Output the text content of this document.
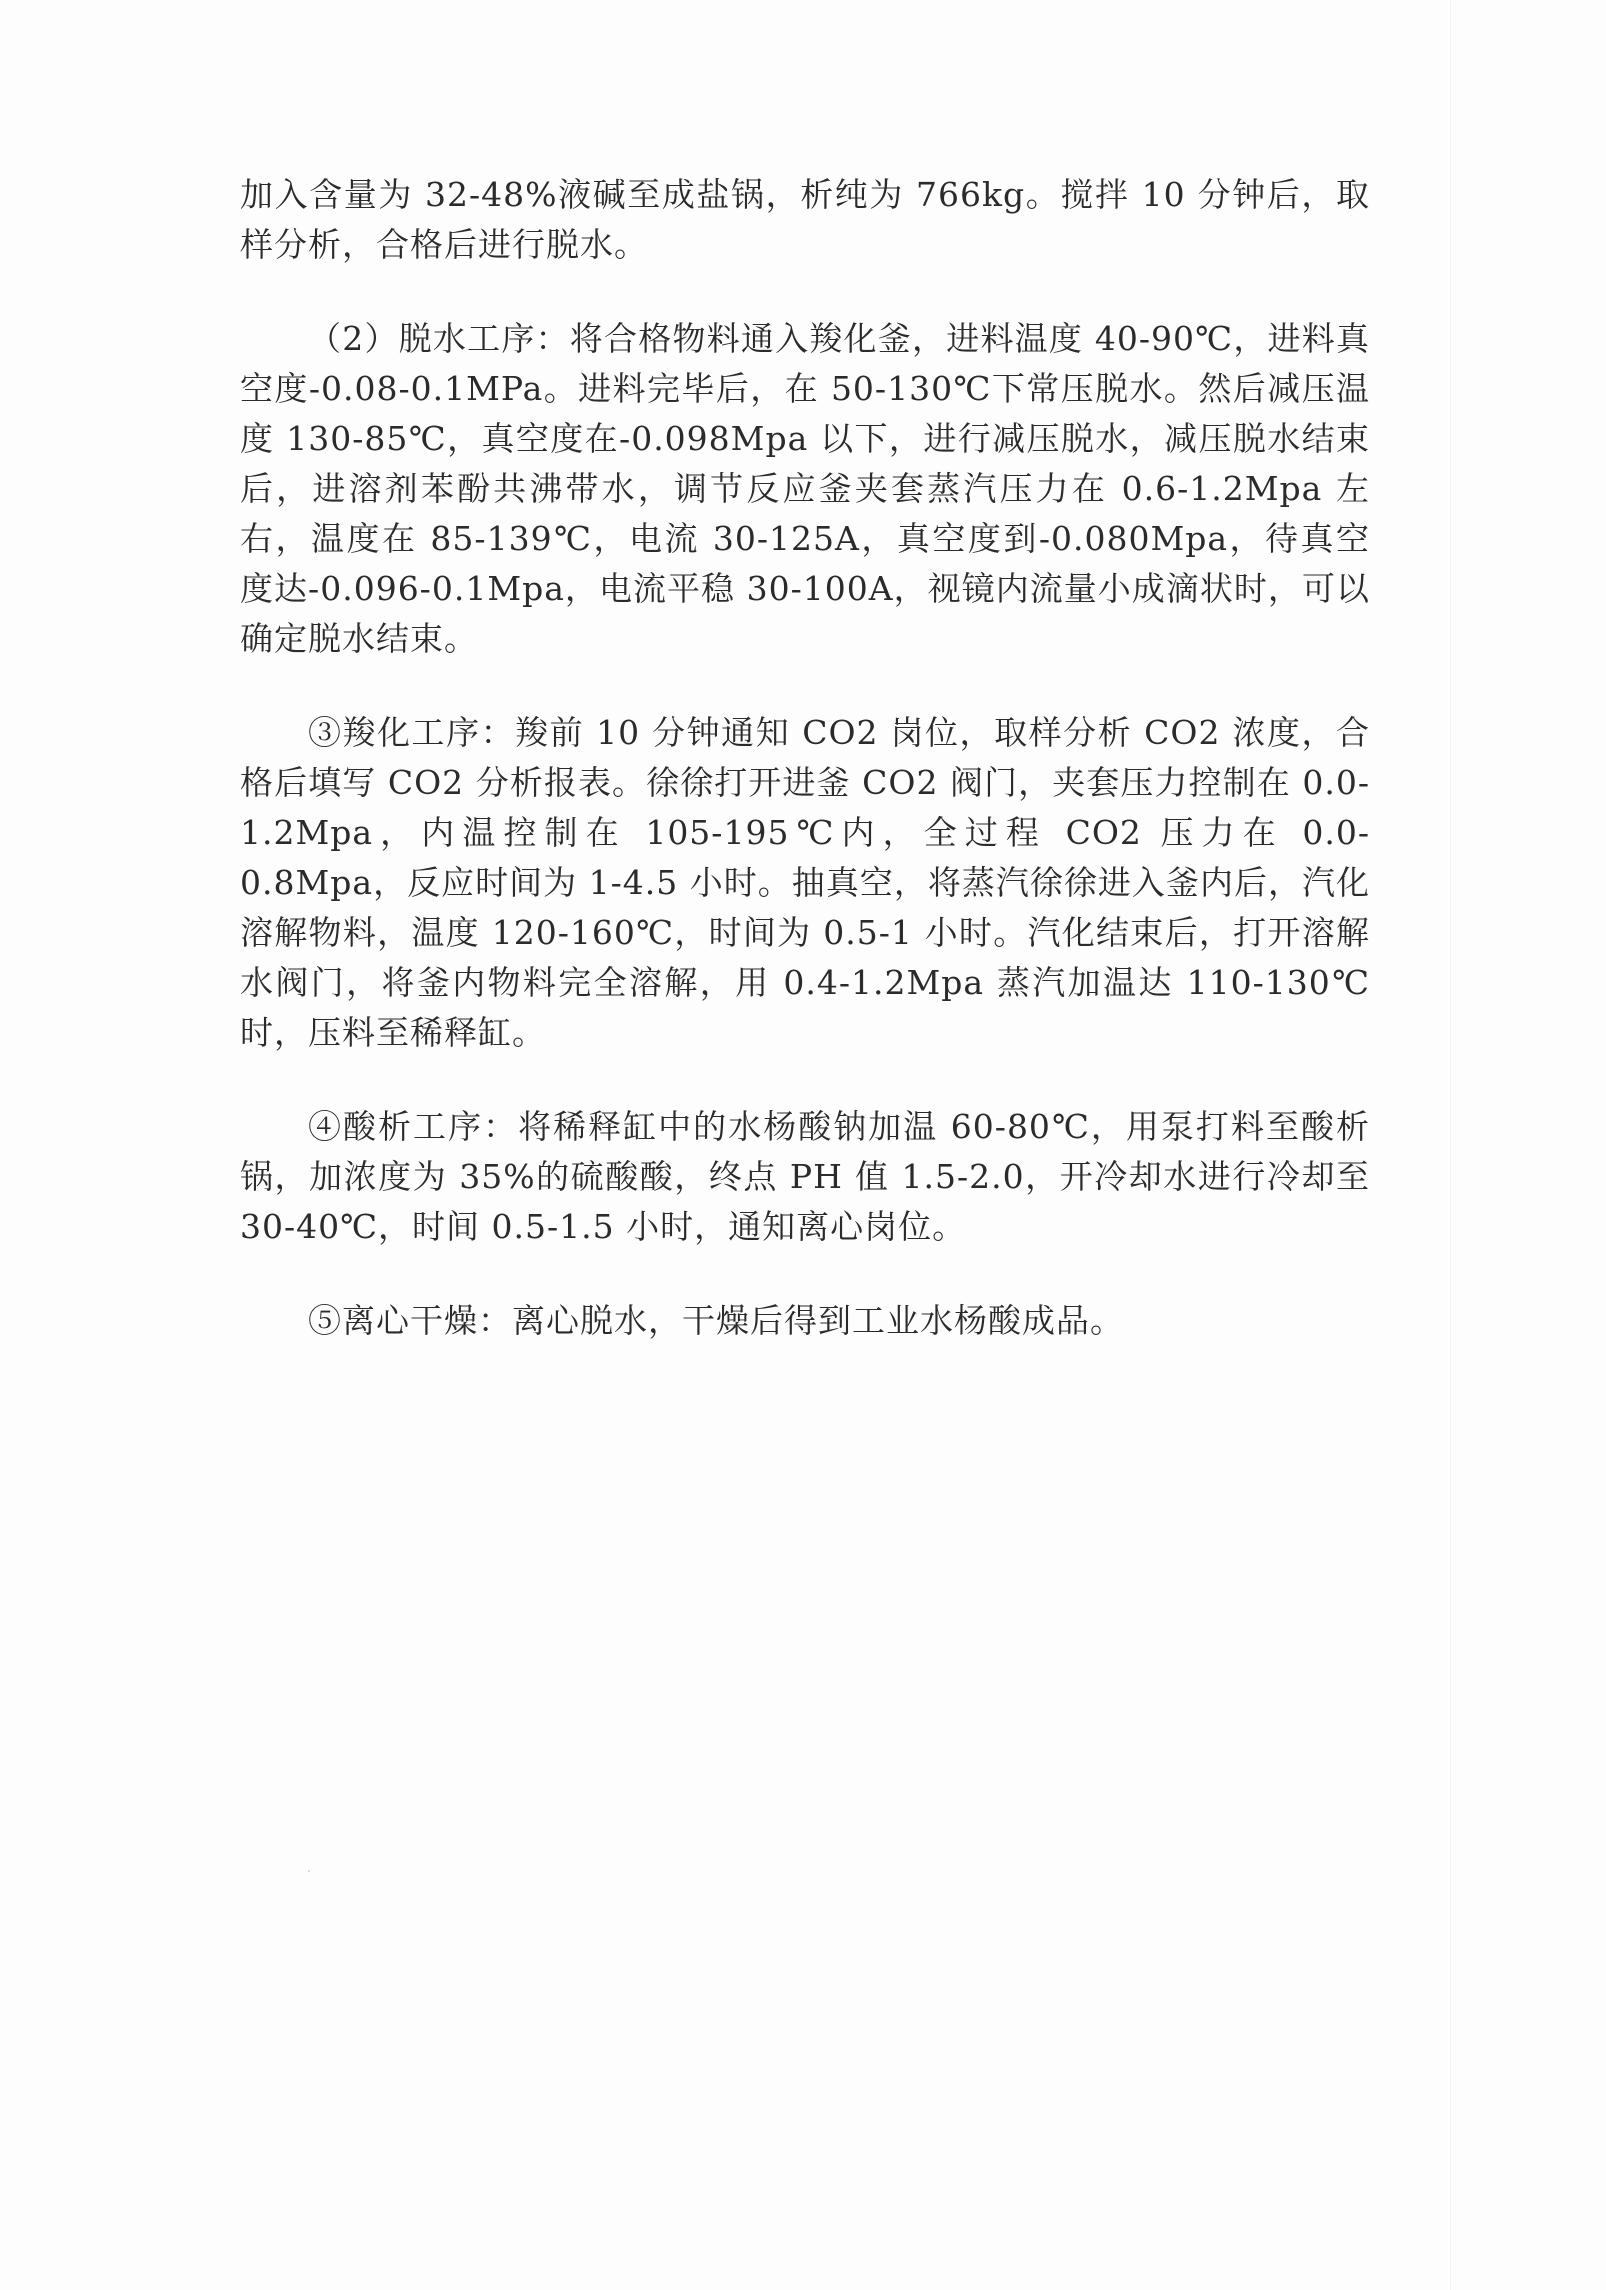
加入含量为 32-48%液碱至成盐锅，析纯为 766kg。搅拌 10 分钟后，取样分析，合格后进行脱水。

（2）脱水工序：将合格物料通入羧化釜，进料温度 40-90℃，进料真空度-0.08-0.1MPa。进料完毕后，在 50-130℃下常压脱水。然后减压温度 130-85℃，真空度在-0.098Mpa 以下，进行减压脱水，减压脱水结束后，进溶剂苯酚共沸带水，调节反应釜夹套蒸汽压力在 0.6-1.2Mpa 左右，温度在 85-139℃，电流 30-125A，真空度到-0.080Mpa，待真空度达-0.096-0.1Mpa，电流平稳 30-100A，视镜内流量小成滴状时，可以确定脱水结束。

③羧化工序：羧前 10 分钟通知 CO2 岗位，取样分析 CO2 浓度，合格后填写 CO2 分析报表。徐徐打开进釜 CO2 阀门，夹套压力控制在 0.0-1.2Mpa，内温控制在 105-195℃内，全过程 CO2 压力在 0.0-0.8Mpa，反应时间为 1-4.5 小时。抽真空，将蒸汽徐徐进入釜内后，汽化溶解物料，温度 120-160℃，时间为 0.5-1 小时。汽化结束后，打开溶解水阀门，将釜内物料完全溶解，用 0.4-1.2Mpa 蒸汽加温达 110-130℃时，压料至稀释缸。

④酸析工序：将稀释缸中的水杨酸钠加温 60-80℃，用泵打料至酸析锅，加浓度为 35%的硫酸酸，终点 PH 值 1.5-2.0，开冷却水进行冷却至 30-40℃，时间 0.5-1.5 小时，通知离心岗位。

⑤离心干燥：离心脱水，干燥后得到工业水杨酸成品。
